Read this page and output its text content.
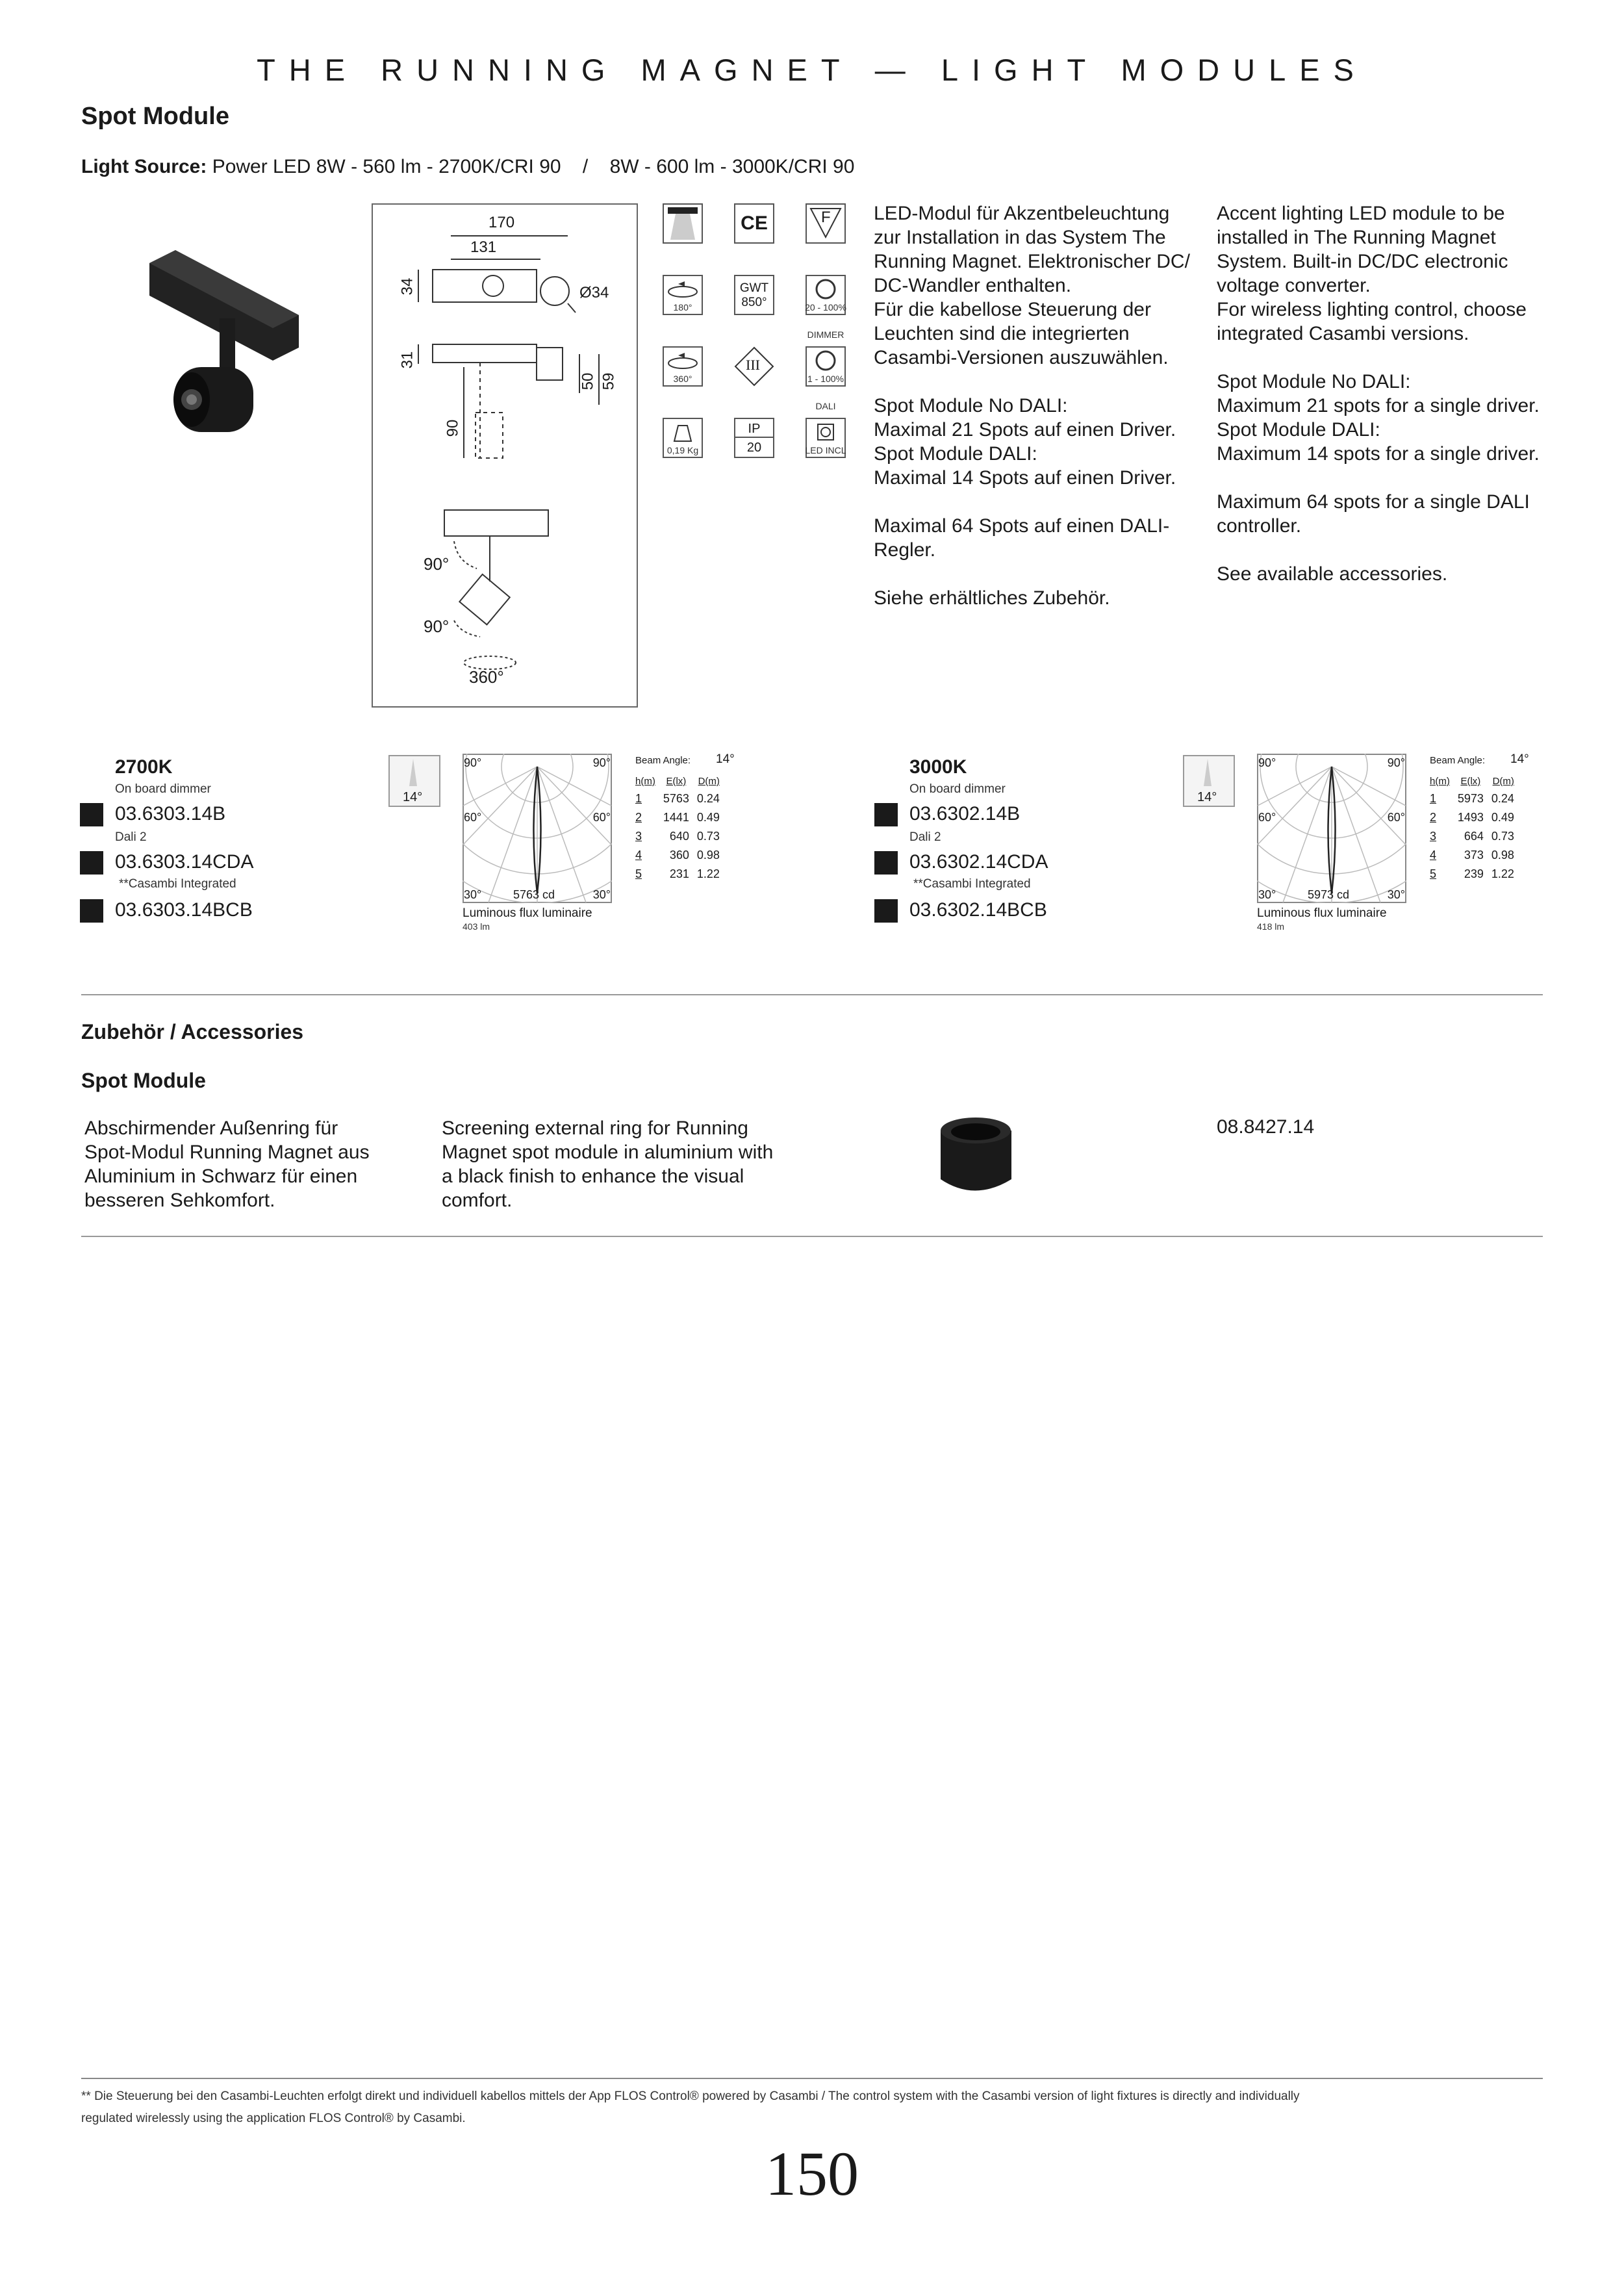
THE RUNNING MAGNET — LIGHT MODULES
Spot Module
Light Source: Power LED 8W - 560 lm - 2700K/CRI 90    /    8W - 600 lm - 3000K/CRI 90
170
131
34	Ø34
31
50 59
90
90°
90°
360°
CE	F
180°
GWT
850°	20 - 100%
DIMMER
360°
III
1 - 100%
DALI
0,19 Kg
IP
20	LED INCL
LED-Modul für Akzentbeleuchtung
zur Installation in das System The
Running Magnet. Elektronischer DC/
DC-Wandler enthalten.
Für die kabellose Steuerung der
Leuchten sind die integrierten
Casambi-Versionen auszuwählen.
Spot Module No DALI:
Maximal 21 Spots auf einen Driver.
Spot Module DALI:
Maximal 14 Spots auf einen Driver.
Maximal 64 Spots auf einen DALI-
Regler.
Siehe erhältliches Zubehör.
Accent lighting LED module to be
installed in The Running Magnet
System. Built-in DC/DC electronic
voltage converter.
For wireless lighting control, choose
integrated Casambi versions.
Spot Module No DALI:
Maximum 21 spots for a single driver.
Spot Module DALI:
Maximum 14 spots for a single driver.
Maximum 64 spots for a single DALI
controller.
See available accessories.
2700K
On board dimmer
03.6303.14B
Dali 2
03.6303.14CDA
**Casambi Integrated
03.6303.14BCB
14°
90°	90°
60°	60°
30°	30°
5763 cd
Luminous flux luminaire
403 lm
Beam Angle: 14°
h(m)	E(lx)	D(m)
1	5763	0.24
2	1441	0.49
3	640	0.73
4	360	0.98
5	231	1.22
3000K
On board dimmer
03.6302.14B
Dali 2
03.6302.14CDA
**Casambi Integrated
03.6302.14BCB
14°
90°	90°
60°	60°
30°	30°
5973 cd
Luminous flux luminaire
418 lm
Beam Angle: 14°
h(m)	E(lx)	D(m)
1	5973	0.24
2	1493	0.49
3	664	0.73
4	373	0.98
5	239	1.22
Zubehör / Accessories
Spot Module
Abschirmender Außenring für
Spot-Modul Running Magnet aus
Aluminium in Schwarz für einen
besseren Sehkomfort.
Screening external ring for Running
Magnet spot module in aluminium with
a black finish to enhance the visual
comfort.
08.8427.14
** Die Steuerung bei den Casambi-Leuchten erfolgt direkt und individuell kabellos mittels der App FLOS Control® powered by Casambi / The control system with the Casambi version of light fixtures is directly and individually
regulated wirelessly using the application FLOS Control® by Casambi.
150
